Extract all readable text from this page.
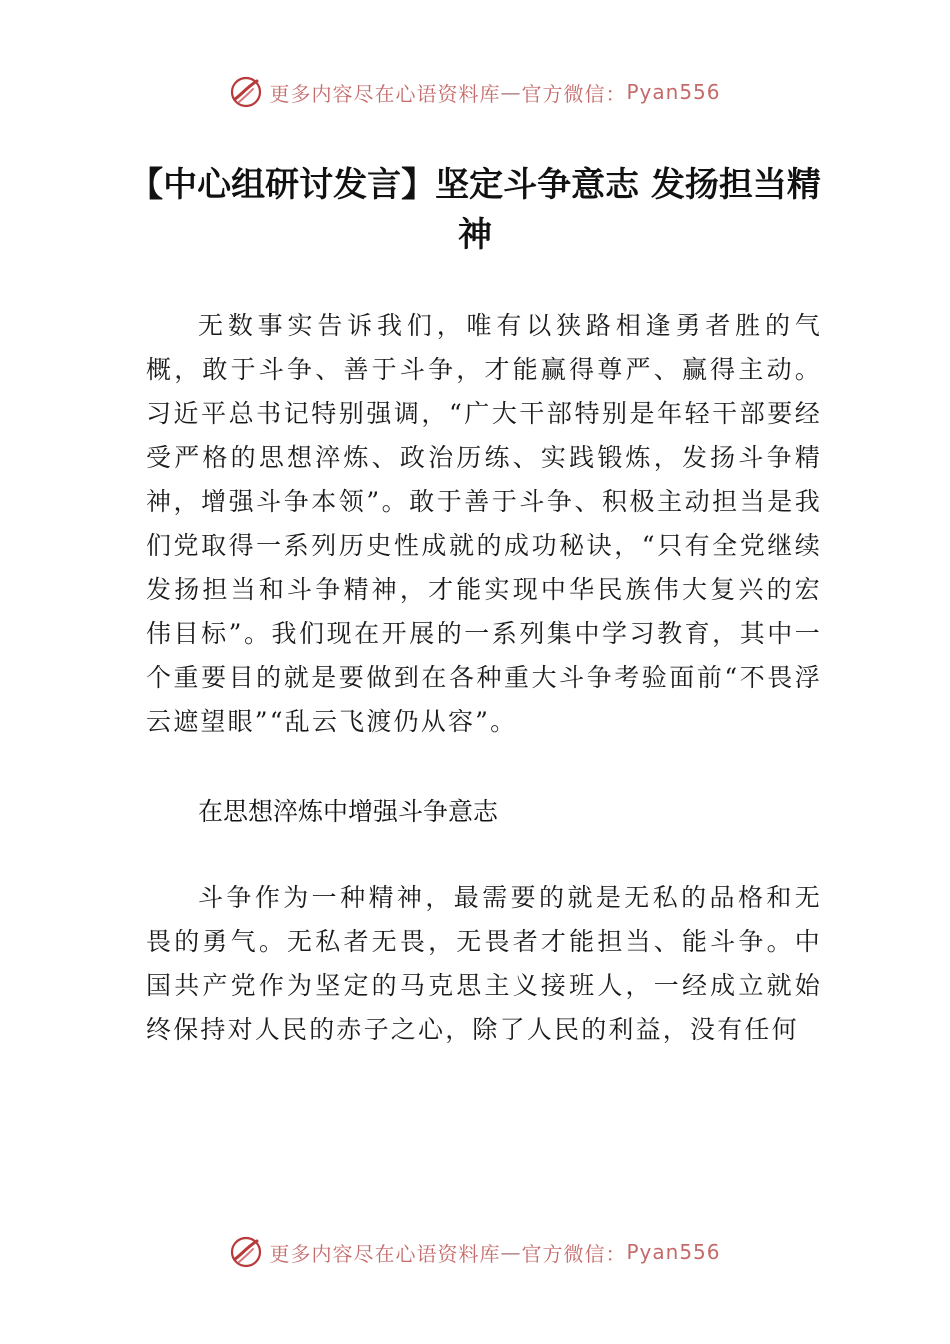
更多内容尽在心语资料库 — 官方微信： Pyan556
【中心组研讨发言】坚定斗争意志 发扬担当精神

无数事实告诉我们，唯有以狭路相逢勇者胜的气概，敢于斗争、善于斗争，才能赢得尊严、赢得主动。习近平总书记特别强调，“广大干部特别是年轻干部要经受严格的思想淬炼、政治历练、实践锻炼，发扬斗争精神，增强斗争本领”。敢于善于斗争、积极主动担当是我们党取得一系列历史性成就的成功秘诀，“只有全党继续发扬担当和斗争精神，才能实现中华民族伟大复兴的宏伟目标”。我们现在开展的一系列集中学习教育，其中一个重要目的就是要做到在各种重大斗争考验面前“不畏浮云遮望眼”“乱云飞渡仍从容”。

在思想淬炼中增强斗争意志

斗争作为一种精神，最需要的就是无私的品格和无畏的勇气。无私者无畏，无畏者才能担当、能斗争。中国共产党作为坚定的马克思主义接班人，一经成立就始终保持对人民的赤子之心，除了人民的利益，没有任何

更多内容尽在心语资料库 — 官方微信： Pyan556
